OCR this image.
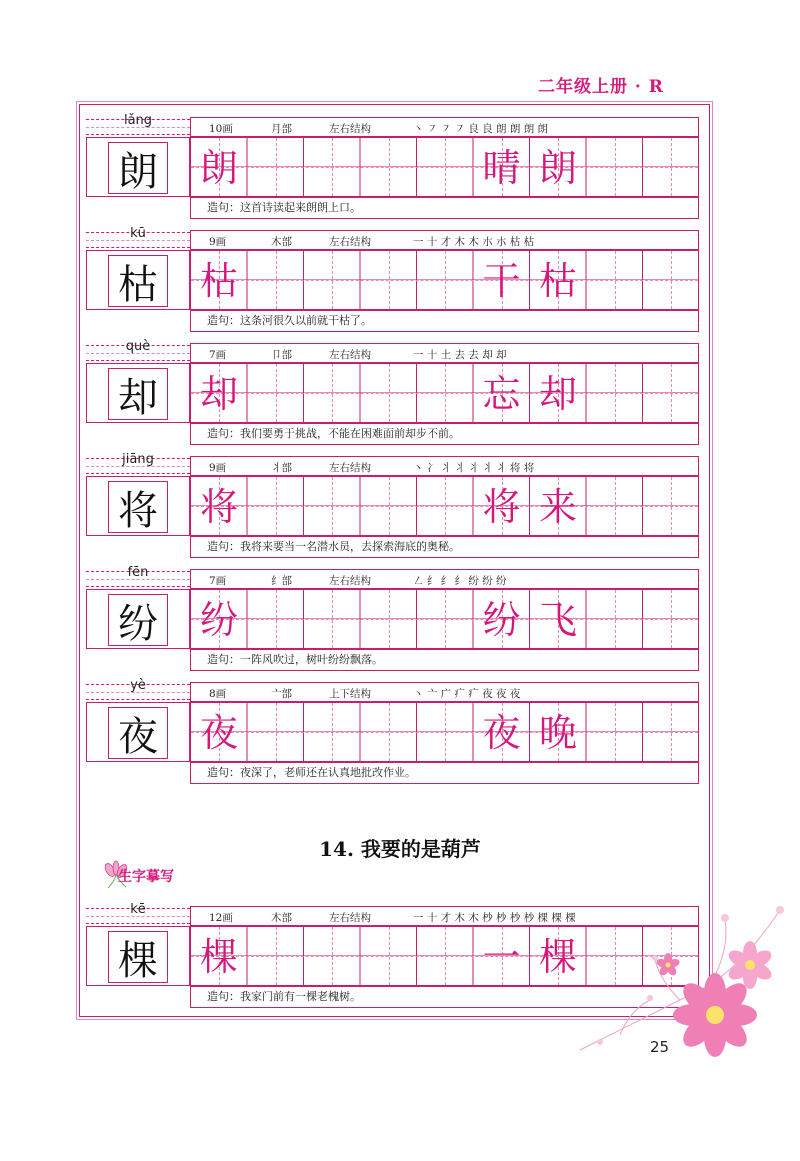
二年级上册 · R
lǎng
10画	月部	左右结构	丶 ㇇ ㇇ ㇇ 良 良 朗 朗 朗 朗
朗 朗	晴 朗
造句：这首诗读起来朗朗上口。
kū
9画	木部	左右结构	一 十 才 木 木 朩 朩 枯 枯
枯 枯	干 枯
造句：这条河很久以前就干枯了。
què
7画	卩部	左右结构	一 十 土 去 去 却 却
却 却	忘 却
造句：我们要勇于挑战，不能在困难面前却步不前。
jiāng
9画	丬部	左右结构	丶 冫 丬 丬 丬 丬 丬 将 将
将 将	将 来
造句：我将来要当一名潜水员，去探索海底的奥秘。
fēn
7画	纟部	左右结构	㇜ 纟 纟 纟 纷 纷 纷
纷 纷	纷 飞
造句：一阵风吹过，树叶纷纷飘落。
yè
8画	亠部	上下结构	丶 亠 广 疒 疒 夜 夜 夜
夜 夜	夜 晚
造句：夜深了，老师还在认真地批改作业。
14. 我要的是葫芦
生字摹写
kē
12画	木部	左右结构	一 十 才 木 木 杪 杪 杪 杪 棵 棵 棵
棵 棵	一 棵
造句：我家门前有一棵老槐树。
25
